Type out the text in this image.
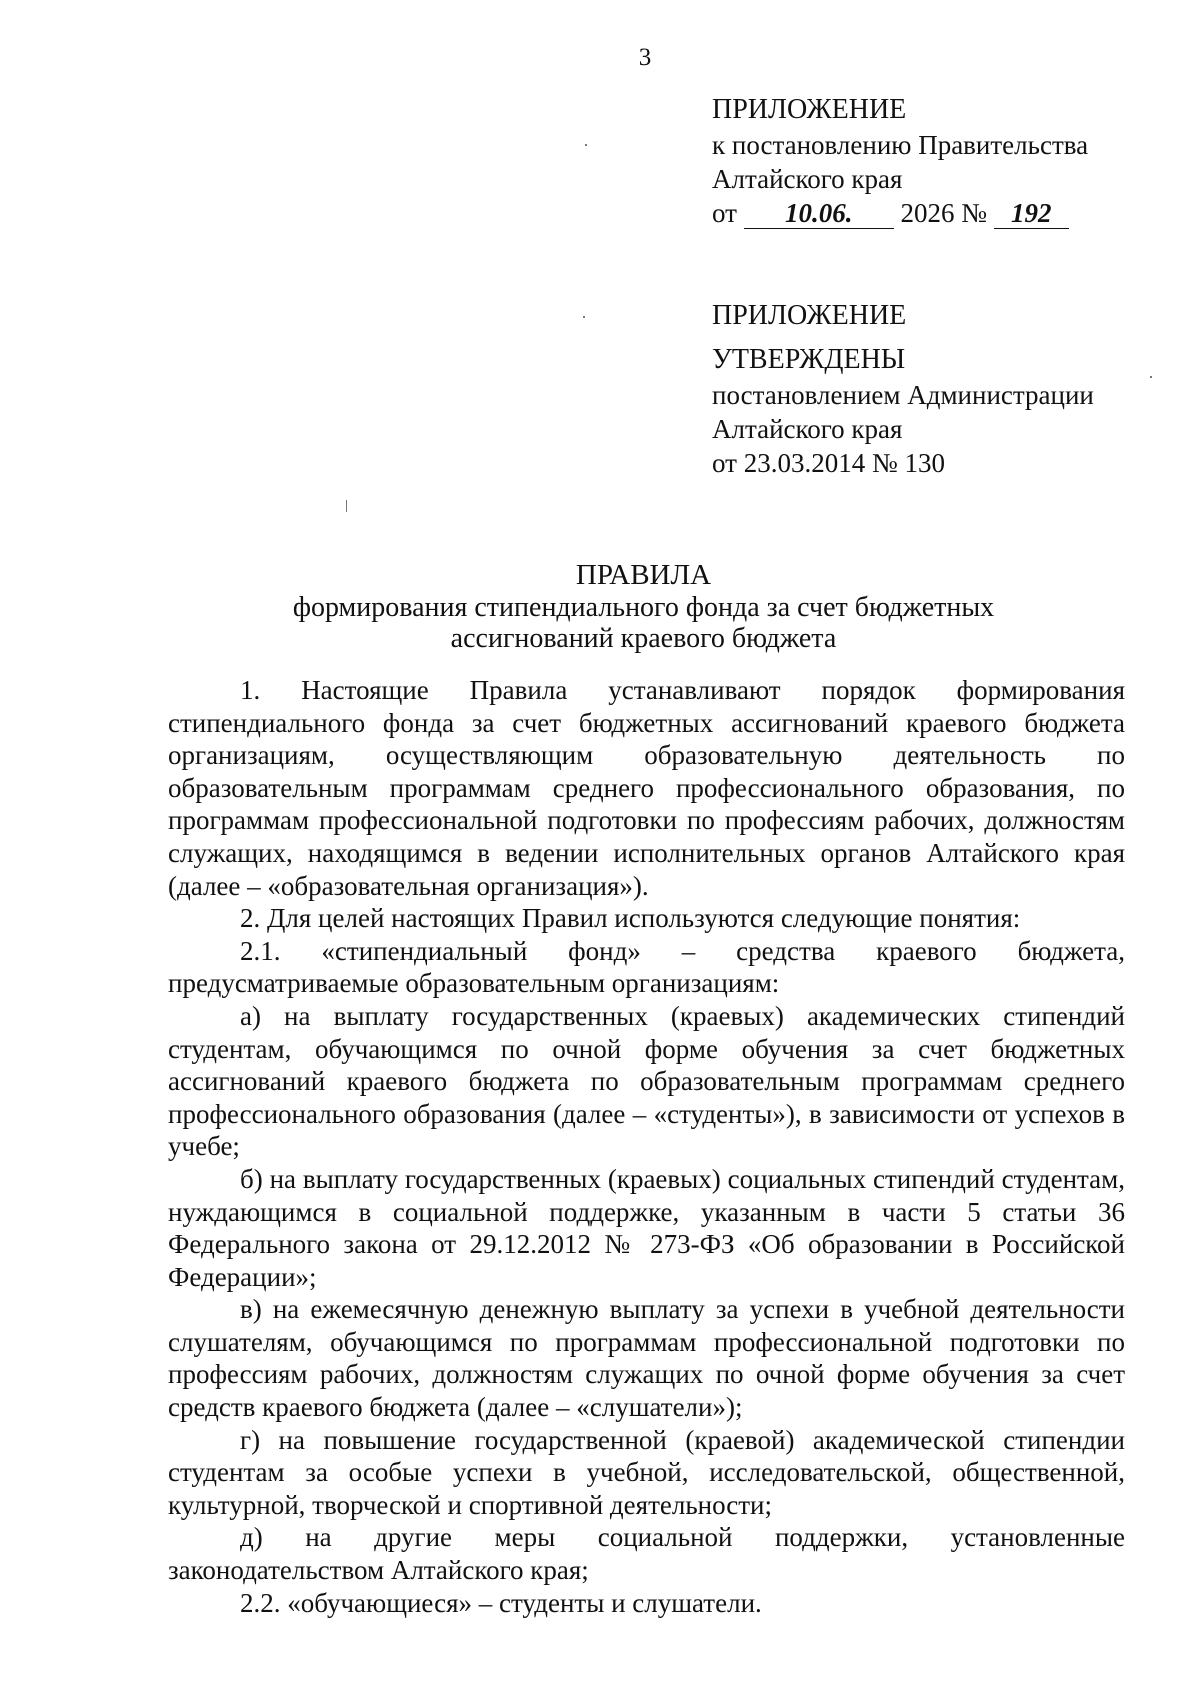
3
ПРИЛОЖЕНИЕ
к постановлению Правительства
Алтайского края
от 10.06. 2026 № 192
ПРИЛОЖЕНИЕ
УТВЕРЖДЕНЫ
постановлением Администрации
Алтайского края
от 23.03.2014 № 130
ПРАВИЛА
формирования стипендиального фонда за счет бюджетных
ассигнований краевого бюджета

1. Настоящие Правила устанавливают порядок формирования стипендиального фонда за счет бюджетных ассигнований краевого бюджета организациям, осуществляющим образовательную деятельность по образовательным программам среднего профессионального образования, по программам профессиональной подготовки по профессиям рабочих, должностям служащих, находящимся в ведении исполнительных органов Алтайского края (далее – «образовательная организация»).

2. Для целей настоящих Правил используются следующие понятия:

2.1. «стипендиальный фонд» – средства краевого бюджета, предусматриваемые образовательным организациям:

а) на выплату государственных (краевых) академических стипендий студентам, обучающимся по очной форме обучения за счет бюджетных ассигнований краевого бюджета по образовательным программам среднего профессионального образования (далее – «студенты»), в зависимости от успехов в учебе;

б) на выплату государственных (краевых) социальных стипендий студентам, нуждающимся в социальной поддержке, указанным в части 5 статьи 36 Федерального закона от 29.12.2012 № 273-ФЗ «Об образовании в Российской Федерации»;

в) на ежемесячную денежную выплату за успехи в учебной деятельности слушателям, обучающимся по программам профессиональной подготовки по профессиям рабочих, должностям служащих по очной форме обучения за счет средств краевого бюджета (далее – «слушатели»);

г) на повышение государственной (краевой) академической стипендии студентам за особые успехи в учебной, исследовательской, общественной, культурной, творческой и спортивной деятельности;

д) на другие меры социальной поддержки, установленные законодательством Алтайского края;

2.2. «обучающиеся» – студенты и слушатели.
